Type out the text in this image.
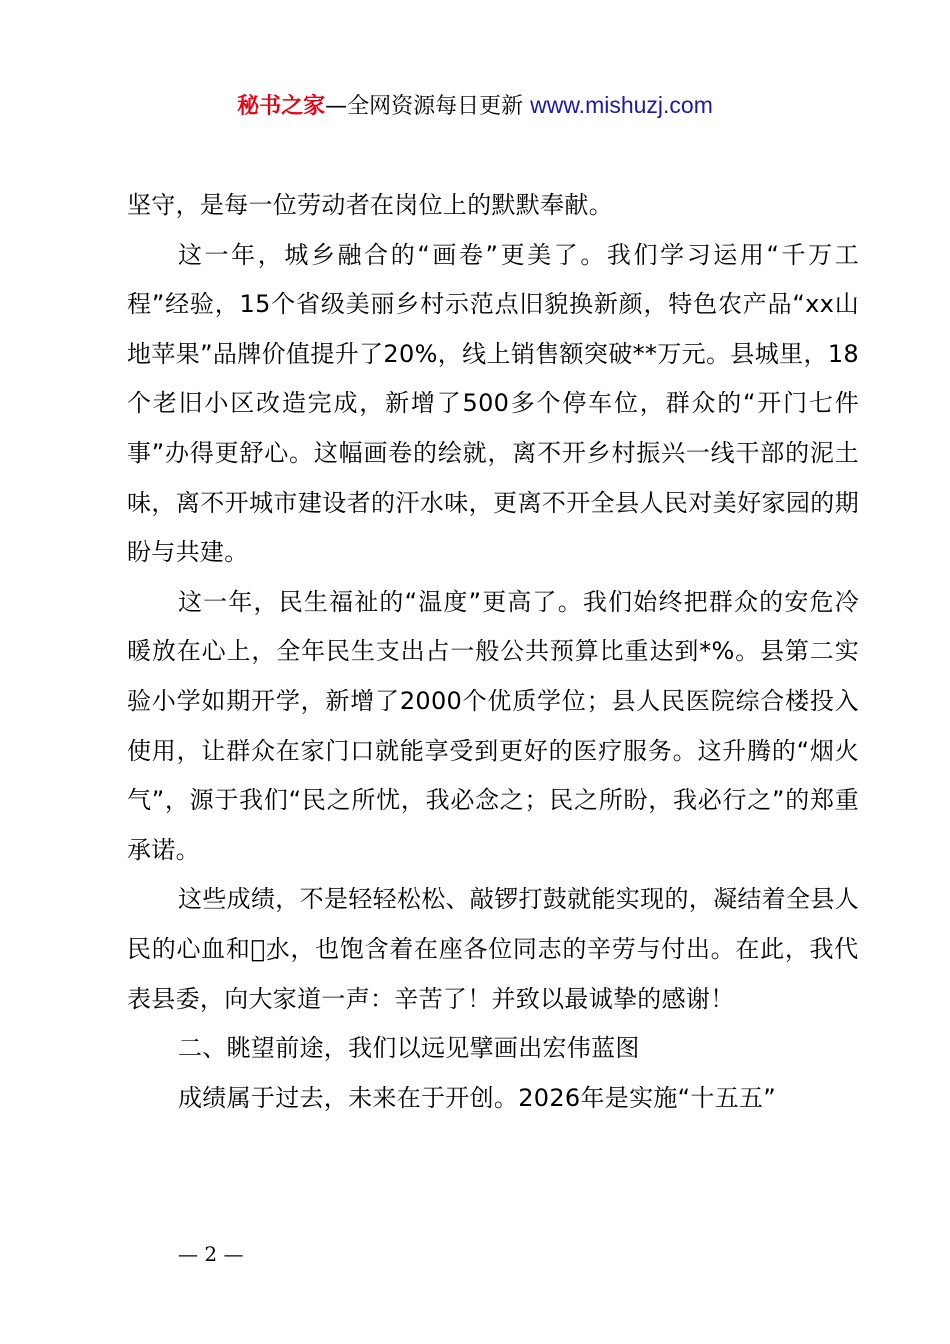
秘书之家—全网资源每日更新 www.mishuzj.com

坚守，是每一位劳动者在岗位上的默默奉献。

这一年，城乡融合的“画卷”更美了。我们学习运用“千万工程”经验，15个省级美丽乡村示范点旧貌换新颜，特色农产品“xx山地苹果”品牌价值提升了20%，线上销售额突破**万元。县城里，18个老旧小区改造完成，新增了500多个停车位，群众的“开门七件事”办得更舒心。这幅画卷的绘就，离不开乡村振兴一线干部的泥土味，离不开城市建设者的汗水味，更离不开全县人民对美好家园的期盼与共建。

这一年，民生福祉的“温度”更高了。我们始终把群众的安危冷暖放在心上，全年民生支出占一般公共预算比重达到*%。县第二实验小学如期开学，新增了2000个优质学位；县人民医院综合楼投入使用，让群众在家门口就能享受到更好的医疗服务。这升腾的“烟火气”，源于我们“民之所忧，我必念之；民之所盼，我必行之”的郑重承诺。

这些成绩，不是轻轻松松、敲锣打鼓就能实现的，凝结着全县人民的心血和汗ِ水，也饱含着在座各位同志的辛劳与付出。在此，我代表县委，向大家道一声：辛苦了！并致以最诚挚的感谢！

二、眺望前途，我们以远见擘画出宏伟蓝图

成绩属于过去，未来在于开创。2026年是实施“十五五”

— 2 —
